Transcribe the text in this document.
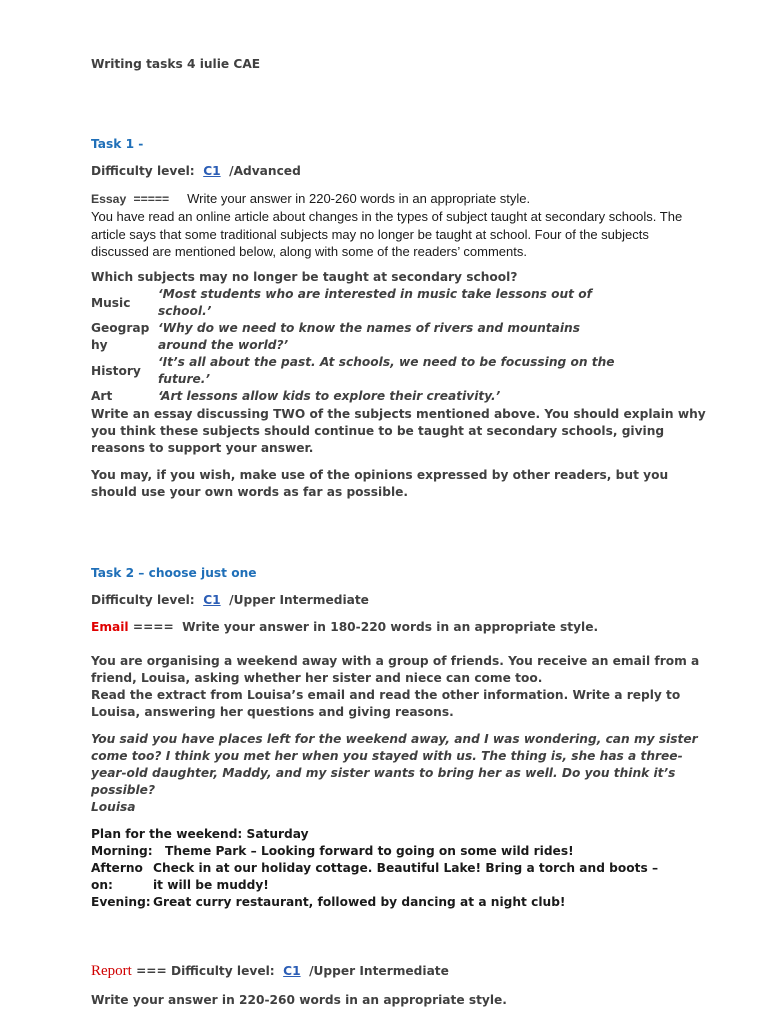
Writing tasks 4 iulie CAE
Task 1 -
Difficulty level: C1 /Advanced

Essay ===== Write your answer in 220-260 words in an appropriate style.

You have read an online article about changes in the types of subject taught at secondary schools. The article says that some traditional subjects may no longer be taught at school. Four of the subjects discussed are mentioned below, along with some of the readers’ comments.

Which subjects may no longer be taught at secondary school?
Music
‘Most students who are interested in music take lessons out of school.’
Geography
‘Why do we need to know the names of rivers and mountains around the world?’
History
‘It’s all about the past. At schools, we need to be focussing on the future.’
Art	‘Art lessons allow kids to explore their creativity.’
Write an essay discussing TWO of the subjects mentioned above. You should explain why you think these subjects should continue to be taught at secondary schools, giving reasons to support your answer.
You may, if you wish, make use of the opinions expressed by other readers, but you should use your own words as far as possible.
Task 2 – choose just one
Difficulty level: C1 /Upper Intermediate
Email ====  Write your answer in 180-220 words in an appropriate style.

You are organising a weekend away with a group of friends. You receive an email from a friend, Louisa, asking whether her sister and niece can come too.

Read the extract from Louisa’s email and read the other information. Write a reply to Louisa, answering her questions and giving reasons.

You said you have places left for the weekend away, and I was wondering, can my sister come too? I think you met her when you stayed with us. The thing is, she has a three-year-old daughter, Maddy, and my sister wants to bring her as well. Do you think it’s possible?

Louisa

Plan for the weekend: Saturday
Morning: Theme Park – Looking forward to going on some wild rides!
Afternoon:
Check in at our holiday cottage. Beautiful Lake! Bring a torch and boots – it will be muddy!
Evening: Great curry restaurant, followed by dancing at a night club!
Report === Difficulty level: C1 /Upper Intermediate
Write your answer in 220-260 words in an appropriate style.
